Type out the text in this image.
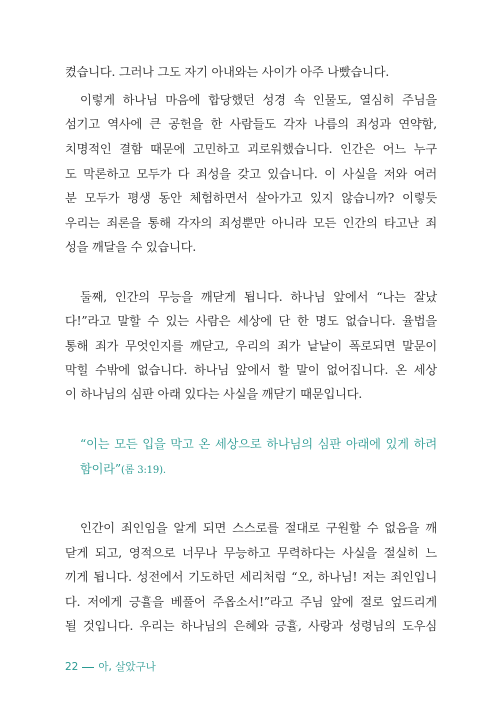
켰습니다. 그러나 그도 자기 아내와는 사이가 아주 나빴습니다.
이렇게 하나님 마음에 합당했던 성경 속 인물도, 열심히 주님을
섬기고 역사에 큰 공헌을 한 사람들도 각자 나름의 죄성과 연약함,
치명적인 결함 때문에 고민하고 괴로워했습니다. 인간은 어느 누구
도 막론하고 모두가 다 죄성을 갖고 있습니다. 이 사실을 저와 여러
분 모두가 평생 동안 체험하면서 살아가고 있지 않습니까? 이렇듯
우리는 죄론을 통해 각자의 죄성뿐만 아니라 모든 인간의 타고난 죄
성을 깨달을 수 있습니다.
둘째, 인간의 무능을 깨닫게 됩니다. 하나님 앞에서 “나는 잘났
다!”라고 말할 수 있는 사람은 세상에 단 한 명도 없습니다. 율법을
통해 죄가 무엇인지를 깨닫고, 우리의 죄가 낱낱이 폭로되면 말문이
막힐 수밖에 없습니다. 하나님 앞에서 할 말이 없어집니다. 온 세상
이 하나님의 심판 아래 있다는 사실을 깨닫기 때문입니다.
“이는 모든 입을 막고 온 세상으로 하나님의 심판 아래에 있게 하려
함이라”(롬 3:19).
인간이 죄인임을 알게 되면 스스로를 절대로 구원할 수 없음을 깨
닫게 되고, 영적으로 너무나 무능하고 무력하다는 사실을 절실히 느
끼게 됩니다. 성전에서 기도하던 세리처럼 “오, 하나님! 저는 죄인입니
다. 저에게 긍휼을 베풀어 주옵소서!”라고 주님 앞에 절로 엎드리게
될 것입니다. 우리는 하나님의 은혜와 긍휼, 사랑과 성령님의 도우심
22 아, 살았구나
